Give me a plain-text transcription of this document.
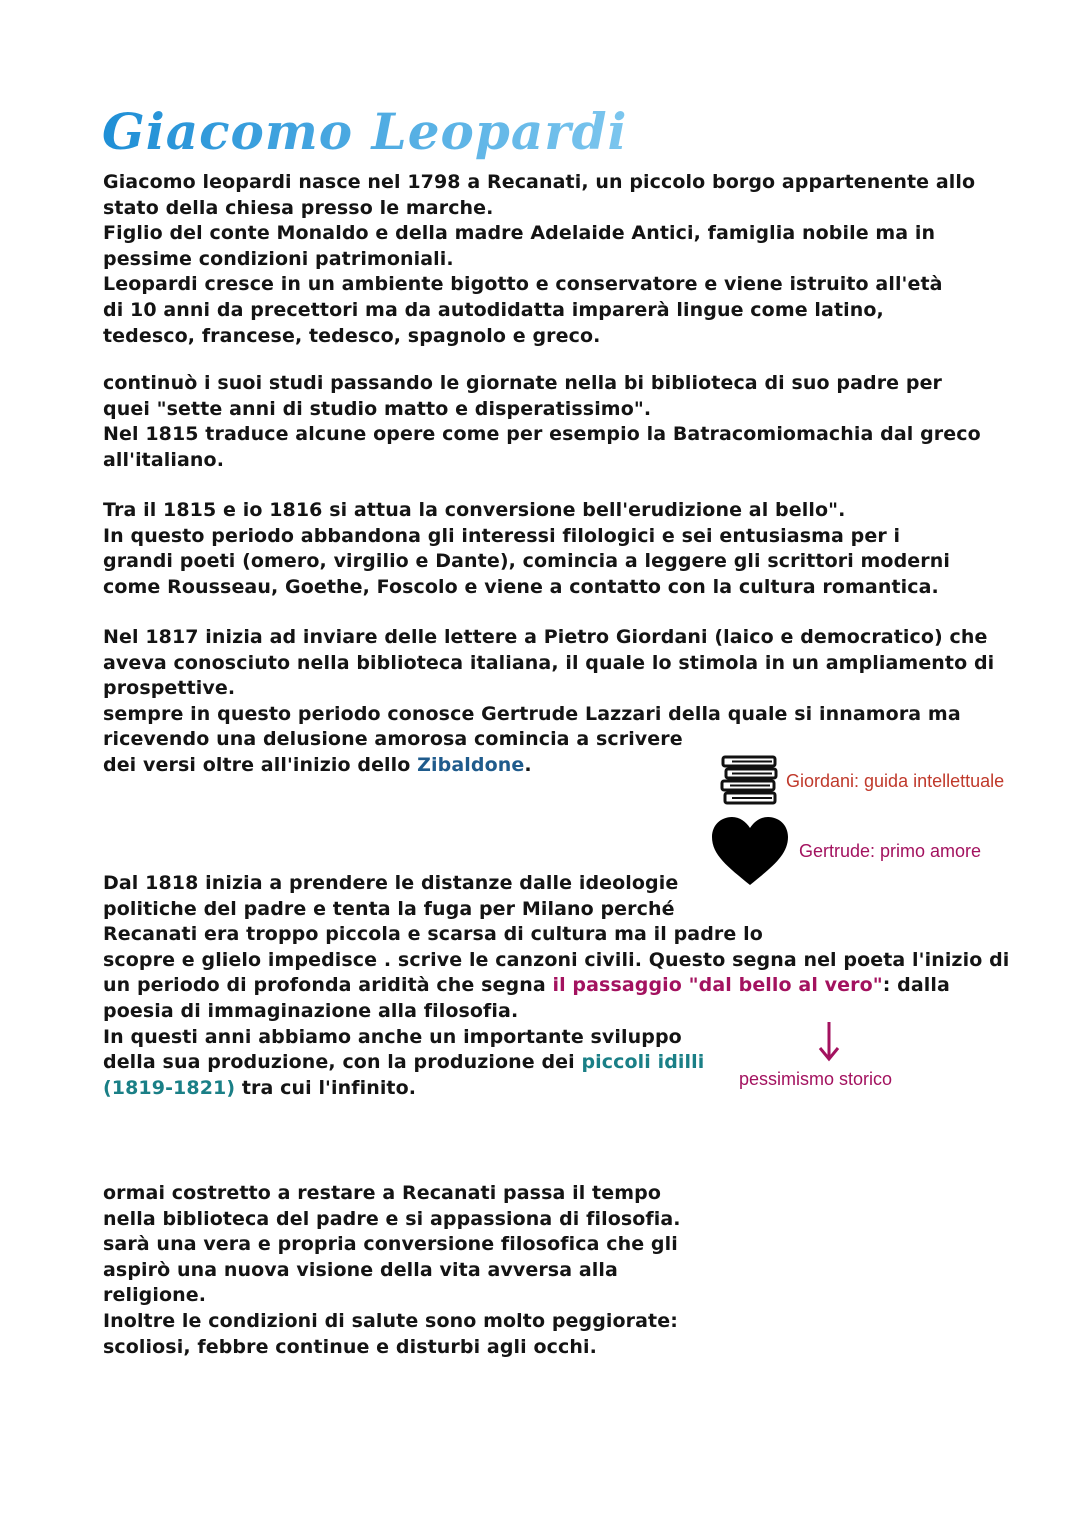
Giacomo Leopardi

Giacomo leopardi nasce nel 1798 a Recanati, un piccolo borgo appartenente allo
stato della chiesa presso le marche.
Figlio del conte Monaldo e della madre Adelaide Antici, famiglia nobile ma in
pessime condizioni patrimoniali.
Leopardi cresce in un ambiente bigotto e conservatore e viene istruito all'età
di 10 anni da precettori ma da autodidatta imparerà lingue come latino,
tedesco, francese, tedesco, spagnolo e greco.

continuò i suoi studi passando le giornate nella bi biblioteca di suo padre per
quei "sette anni di studio matto e disperatissimo".
Nel 1815 traduce alcune opere come per esempio la Batracomiomachia dal greco
all'italiano.

Tra il 1815 e io 1816 si attua la conversione bell'erudizione al bello".
In questo periodo abbandona gli interessi filologici e sei entusiasma per i
grandi poeti (omero, virgilio e Dante), comincia a leggere gli scrittori moderni
come Rousseau, Goethe, Foscolo e viene a contatto con la cultura romantica.

Nel 1817 inizia ad inviare delle lettere a Pietro Giordani (laico e democratico) che
aveva conosciuto nella biblioteca italiana, il quale lo stimola in un ampliamento di
prospettive.
sempre in questo periodo conosce Gertrude Lazzari della quale si innamora ma
ricevendo una delusione amorosa comincia a scrivere
dei versi oltre all'inizio dello Zibaldone.

Giordani: guida intellettuale
Gertrude: primo amore

Dal 1818 inizia a prendere le distanze dalle ideologie
politiche del padre e tenta la fuga per Milano perché
Recanati era troppo piccola e scarsa di cultura ma il padre lo
scopre e glielo impedisce . scrive le canzoni civili. Questo segna nel poeta l'inizio di
un periodo di profonda aridità che segna il passaggio "dal bello al vero": dalla
poesia di immaginazione alla filosofia.
In questi anni abbiamo anche un importante sviluppo
della sua produzione, con la produzione dei piccoli idilli
(1819-1821) tra cui l'infinito.	pessimismo storico

ormai costretto a restare a Recanati passa il tempo
nella biblioteca del padre e si appassiona di filosofia.
sarà una vera e propria conversione filosofica che gli
aspirò una nuova visione della vita avversa alla
religione.
Inoltre le condizioni di salute sono molto peggiorate:
scoliosi, febbre continue e disturbi agli occhi.
